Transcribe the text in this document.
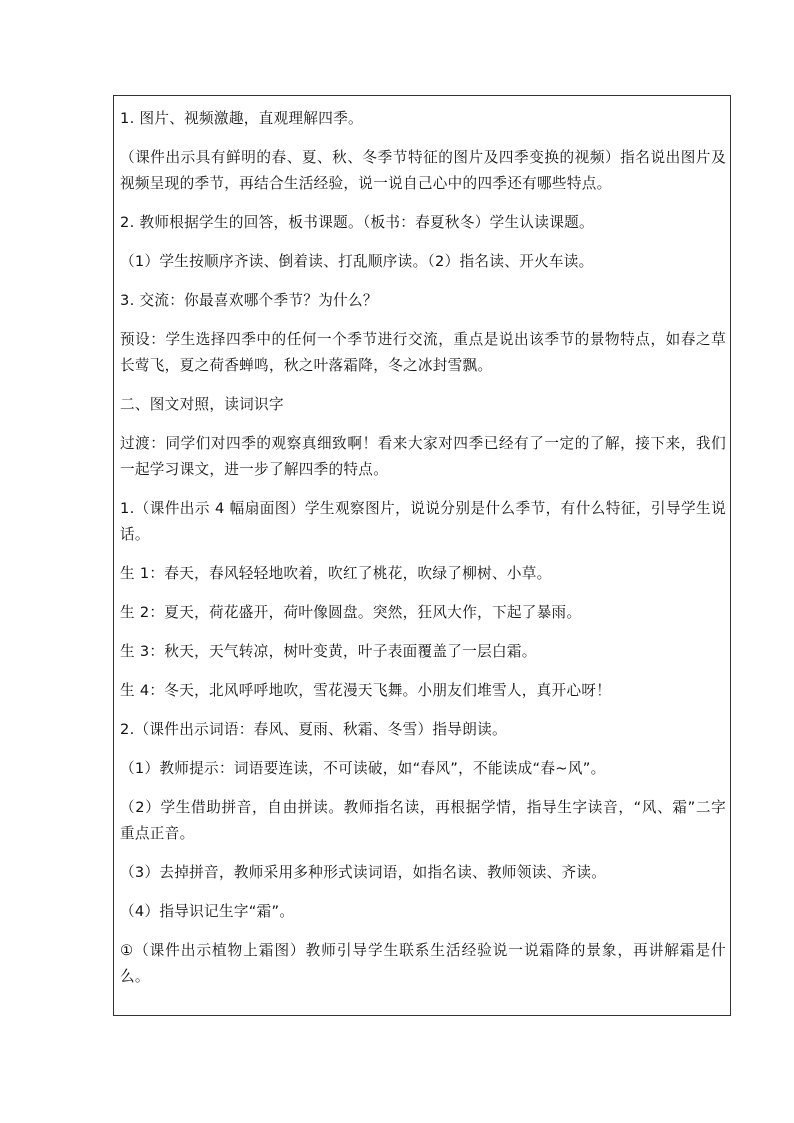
1. 图片、视频激趣，直观理解四季。

（课件出示具有鲜明的春、夏、秋、冬季节特征的图片及四季变换的视频）指名说出图片及视频呈现的季节，再结合生活经验，说一说自己心中的四季还有哪些特点。

2. 教师根据学生的回答，板书课题。（板书：春夏秋冬）学生认读课题。

（1）学生按顺序齐读、倒着读、打乱顺序读。（2）指名读、开火车读。

3. 交流：你最喜欢哪个季节？为什么？

预设：学生选择四季中的任何一个季节进行交流，重点是说出该季节的景物特点，如春之草长莺飞，夏之荷香蝉鸣，秋之叶落霜降，冬之冰封雪飘。

二、图文对照，读词识字

过渡：同学们对四季的观察真细致啊！看来大家对四季已经有了一定的了解，接下来，我们一起学习课文，进一步了解四季的特点。

1.（课件出示 4 幅扇面图）学生观察图片，说说分别是什么季节，有什么特征，引导学生说话。

生 1：春天，春风轻轻地吹着，吹红了桃花，吹绿了柳树、小草。

生 2：夏天，荷花盛开，荷叶像圆盘。突然，狂风大作，下起了暴雨。

生 3：秋天，天气转凉，树叶变黄，叶子表面覆盖了一层白霜。

生 4：冬天，北风呼呼地吹，雪花漫天飞舞。小朋友们堆雪人，真开心呀！

2.（课件出示词语：春风、夏雨、秋霜、冬雪）指导朗读。

（1）教师提示：词语要连读，不可读破，如“春风”，不能读成“春~风”。

（2）学生借助拼音，自由拼读。教师指名读，再根据学情，指导生字读音，“风、霜”二字重点正音。

（3）去掉拼音，教师采用多种形式读词语，如指名读、教师领读、齐读。

（4）指导识记生字“霜”。

①（课件出示植物上霜图）教师引导学生联系生活经验说一说霜降的景象，再讲解霜是什么。
